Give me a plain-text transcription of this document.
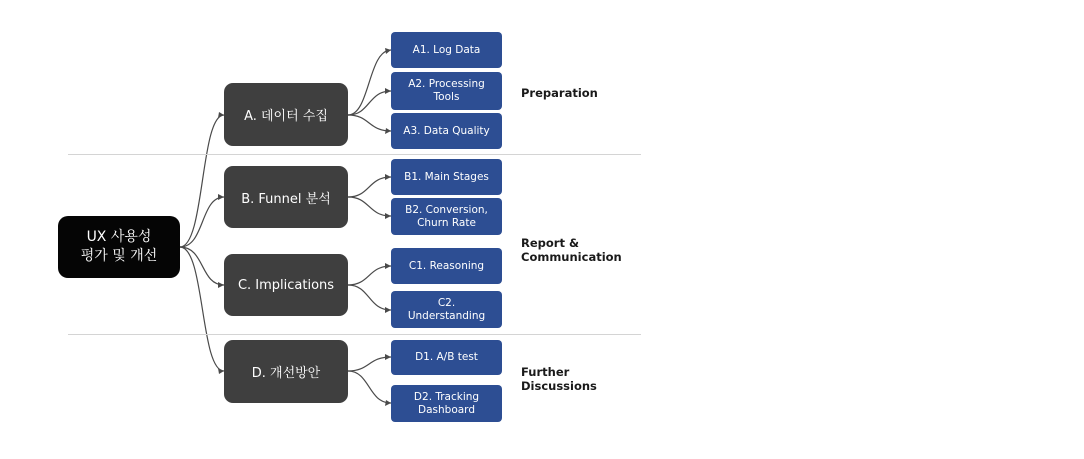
UX 사용성
평가 및 개선
A. 데이터 수집
B. Funnel 분석
C. Implications
D. 개선방안
A1. Log Data
A2. Processing
Tools
A3. Data Quality
B1. Main Stages
B2. Conversion,
Churn Rate
C1. Reasoning
C2.
Understanding
D1. A/B test
D2. Tracking
Dashboard
Preparation
Report &
Communication
Further
Discussions
